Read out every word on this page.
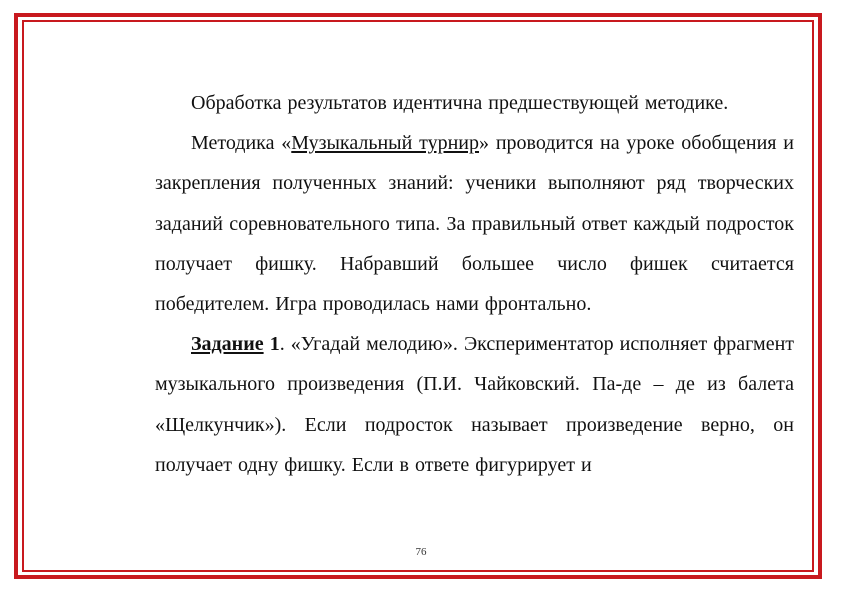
Обработка результатов идентична предшествующей методике.

Методика «Музыкальный турнир» проводится на уроке обобщения и закрепления полученных знаний: ученики выполняют ряд творческих заданий соревновательного типа. За правильный ответ каждый подросток получает фишку. Набравший большее число фишек считается победителем. Игра проводилась нами фронтально.

Задание 1. «Угадай мелодию». Экспериментатор исполняет фрагмент музыкального произведения (П.И. Чайковский. Па-де – де из балета «Щелкунчик»). Если подросток называет произведение верно, он получает одну фишку. Если в ответе фигурирует и

76
